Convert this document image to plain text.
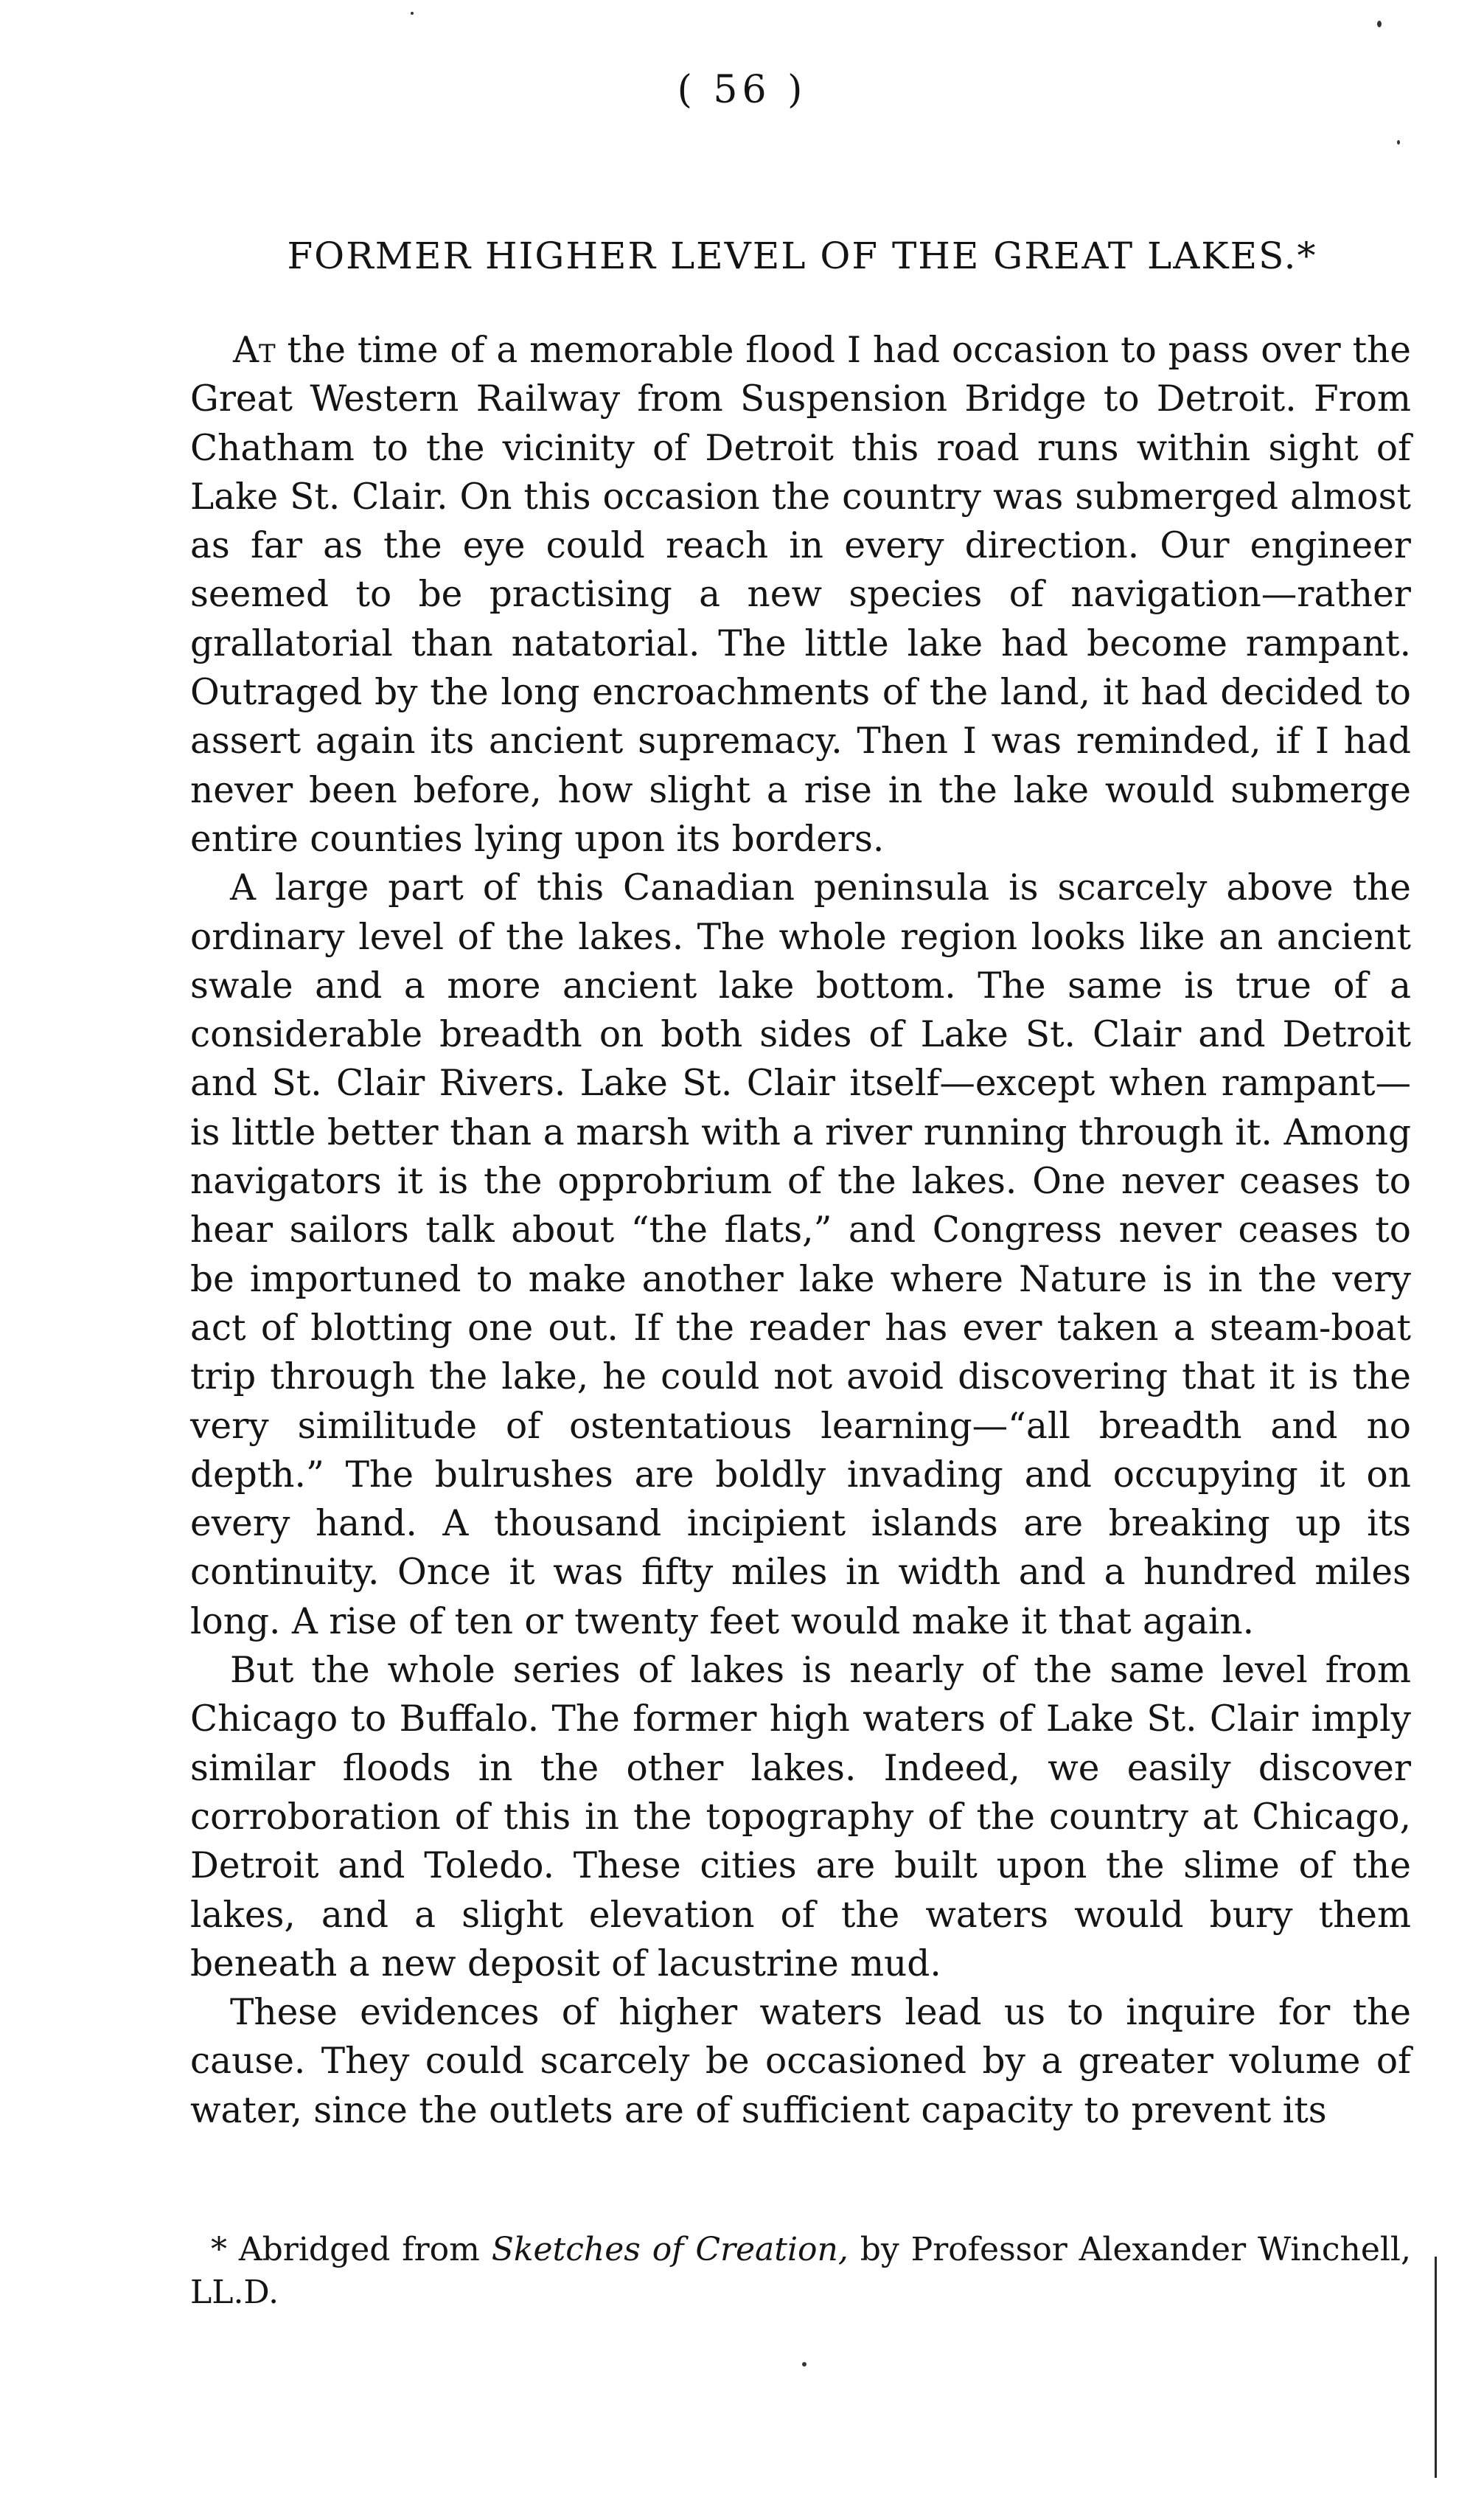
( 56 )
FORMER HIGHER LEVEL OF THE GREAT LAKES.*

At the time of a memorable flood I had occasion to pass over the Great Western Railway from Suspension Bridge to Detroit. From Chatham to the vicinity of Detroit this road runs within sight of Lake St. Clair. On this occasion the country was submerged almost as far as the eye could reach in every direction. Our engineer seemed to be practising a new species of navigation—rather grallatorial than natatorial. The little lake had become rampant. Outraged by the long encroachments of the land, it had decided to assert again its ancient supremacy. Then I was reminded, if I had never been before, how slight a rise in the lake would submerge entire counties lying upon its borders.

A large part of this Canadian peninsula is scarcely above the ordinary level of the lakes. The whole region looks like an ancient swale and a more ancient lake bottom. The same is true of a considerable breadth on both sides of Lake St. Clair and Detroit and St. Clair Rivers. Lake St. Clair itself—except when rampant—is little better than a marsh with a river running through it. Among navigators it is the opprobrium of the lakes. One never ceases to hear sailors talk about “the flats,” and Congress never ceases to be importuned to make another lake where Nature is in the very act of blotting one out. If the reader has ever taken a steam-boat trip through the lake, he could not avoid discovering that it is the very similitude of ostentatious learning—“all breadth and no depth.” The bulrushes are boldly invading and occupying it on every hand. A thousand incipient islands are breaking up its continuity. Once it was fifty miles in width and a hundred miles long. A rise of ten or twenty feet would make it that again.

But the whole series of lakes is nearly of the same level from Chicago to Buffalo. The former high waters of Lake St. Clair imply similar floods in the other lakes. Indeed, we easily discover corroboration of this in the topography of the country at Chicago, Detroit and Toledo. These cities are built upon the slime of the lakes, and a slight elevation of the waters would bury them beneath a new deposit of lacustrine mud.

These evidences of higher waters lead us to inquire for the cause. They could scarcely be occasioned by a greater volume of water, since the outlets are of sufficient capacity to prevent its

* Abridged from Sketches of Creation, by Professor Alexander Winchell, LL.D.
